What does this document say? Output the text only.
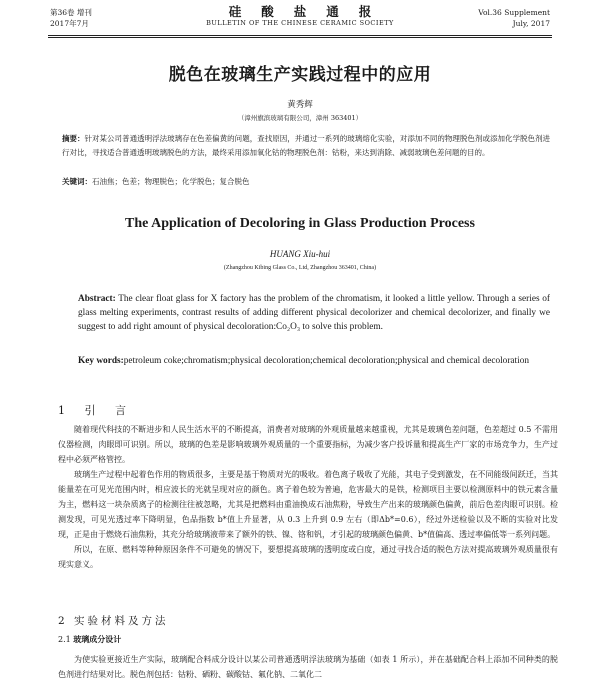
第36卷 增刊
2017年7月
硅酸盐通报
BULLETIN OF THE CHINESE CERAMIC SOCIETY
Vol.36 Supplement
July, 2017
脱色在玻璃生产实践过程中的应用
黄秀辉
（漳州旗滨玻璃有限公司，漳州 363401）
摘要：针对某公司普通透明浮法玻璃存在色差偏黄的问题，查找原因，并通过一系列的玻璃熔化实验，对添加不同的物理脱色剂或添加化学脱色剂进行对比，寻找适合普通透明玻璃脱色的方法，最终采用添加氧化钴的物理脱色剂：钴粉，来达到消除、减弱玻璃色差问题的目的。
关键词：石油焦；色差；物理脱色；化学脱色；复合脱色
The Application of Decoloring in Glass Production Process
HUANG Xiu-hui
(Zhangzhou Kibing Glass Co., Ltd, Zhangzhou 363401, China)
Abstract: The clear float glass for X factory has the problem of the chromatism, it looked a little yellow. Through a series of glass melting experiments, contrast results of adding different physical decolorizer and chemical decolorizer, and finally we suggest to add right amount of physical decoloration:Co₂O₃ to solve this problem.
Key words:petroleum coke;chromatism;physical decoloration;chemical decoloration;physical and chemical decoloration
1 引 言

随着现代科技的不断进步和人民生活水平的不断提高，消费者对玻璃的外观质量越来越重视，尤其是玻璃色差问题，色差超过 0.5 不需用仪器检测，肉眼即可识别。所以，玻璃的色差是影响玻璃外观质量的一个重要指标，为减少客户投诉量和提高生产厂家的市场竞争力，生产过程中必须严格管控。

玻璃生产过程中起着色作用的物质很多，主要是基于物质对光的吸收。着色离子吸收了光能，其电子受到激发，在不同能级间跃迁，当其能量差在可见光范围内时，相应波长的光就呈现对应的颜色。离子着色较为普遍，危害最大的是铁，检测项目主要以检测原料中的铁元素含量为主，燃料这一块杂质离子的检测往往被忽略，尤其是把燃料由重油换成石油焦粉，导致生产出来的玻璃颜色偏黄，前后色差肉眼可识别。检测发现，可见光透过率下降明显，色品指数 b*值上升显著，从 0.3 上升到 0.9 左右（即Δb*=0.6），经过外送检验以及不断的实验对比发现，正是由于燃烧石油焦粉，其充分给玻璃液带来了额外的铁、镍、铬和钒，才引起的玻璃颜色偏黄、b*值偏高、透过率偏低等一系列问题。

所以，在原、燃料等种种原因条件不可避免的情况下，要想提高玻璃的透明度或白度，通过寻找合适的脱色方法对提高玻璃外观质量很有现实意义。

2 实验材料及方法
2.1 玻璃成分设计

为使实验更接近生产实际，玻璃配合料成分设计以某公司普通透明浮法玻璃为基础（如表 1 所示），并在基础配合料上添加不同种类的脱色剂进行结果对比。脱色剂包括：钴粉、硒粉、碳酸钴、氟化钠、二氧化二
